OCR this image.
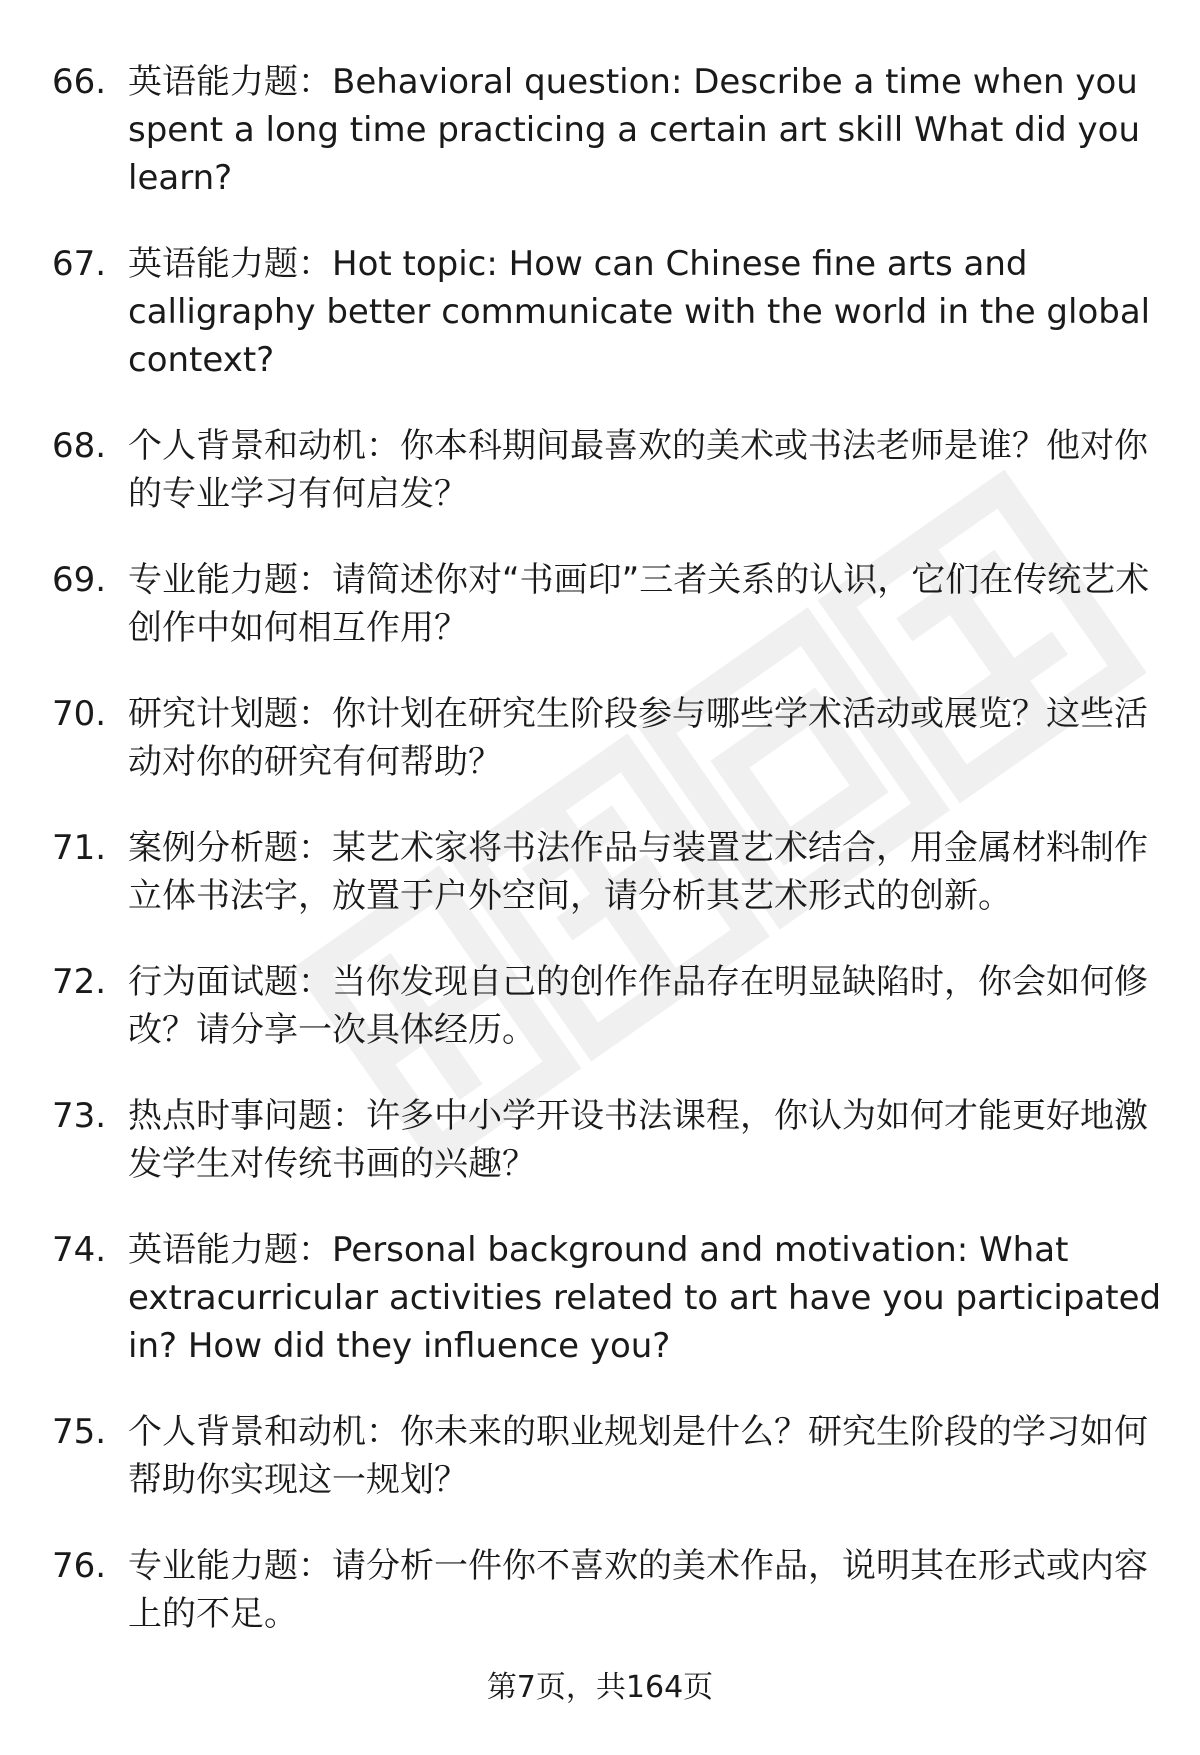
66. 英语能力题：Behavioral question: Describe a time when you spent a long time practicing a certain art skill What did you learn?
67. 英语能力题：Hot topic: How can Chinese fine arts and calligraphy better communicate with the world in the global context?
68. 个人背景和动机：你本科期间最喜欢的美术或书法老师是谁？他对你的专业学习有何启发？
69. 专业能力题：请简述你对“书画印”三者关系的认识，它们在传统艺术创作中如何相互作用？
70. 研究计划题：你计划在研究生阶段参与哪些学术活动或展览？这些活动对你的研究有何帮助？
71. 案例分析题：某艺术家将书法作品与装置艺术结合，用金属材料制作立体书法字，放置于户外空间，请分析其艺术形式的创新。
72. 行为面试题：当你发现自己的创作作品存在明显缺陷时，你会如何修改？请分享一次具体经历。
73. 热点时事问题：许多中小学开设书法课程，你认为如何才能更好地激发学生对传统书画的兴趣？
74. 英语能力题：Personal background and motivation: What extracurricular activities related to art have you participated in? How did they influence you?
75. 个人背景和动机：你未来的职业规划是什么？研究生阶段的学习如何帮助你实现这一规划？
76. 专业能力题：请分析一件你不喜欢的美术作品，说明其在形式或内容上的不足。
第7页，共164页
